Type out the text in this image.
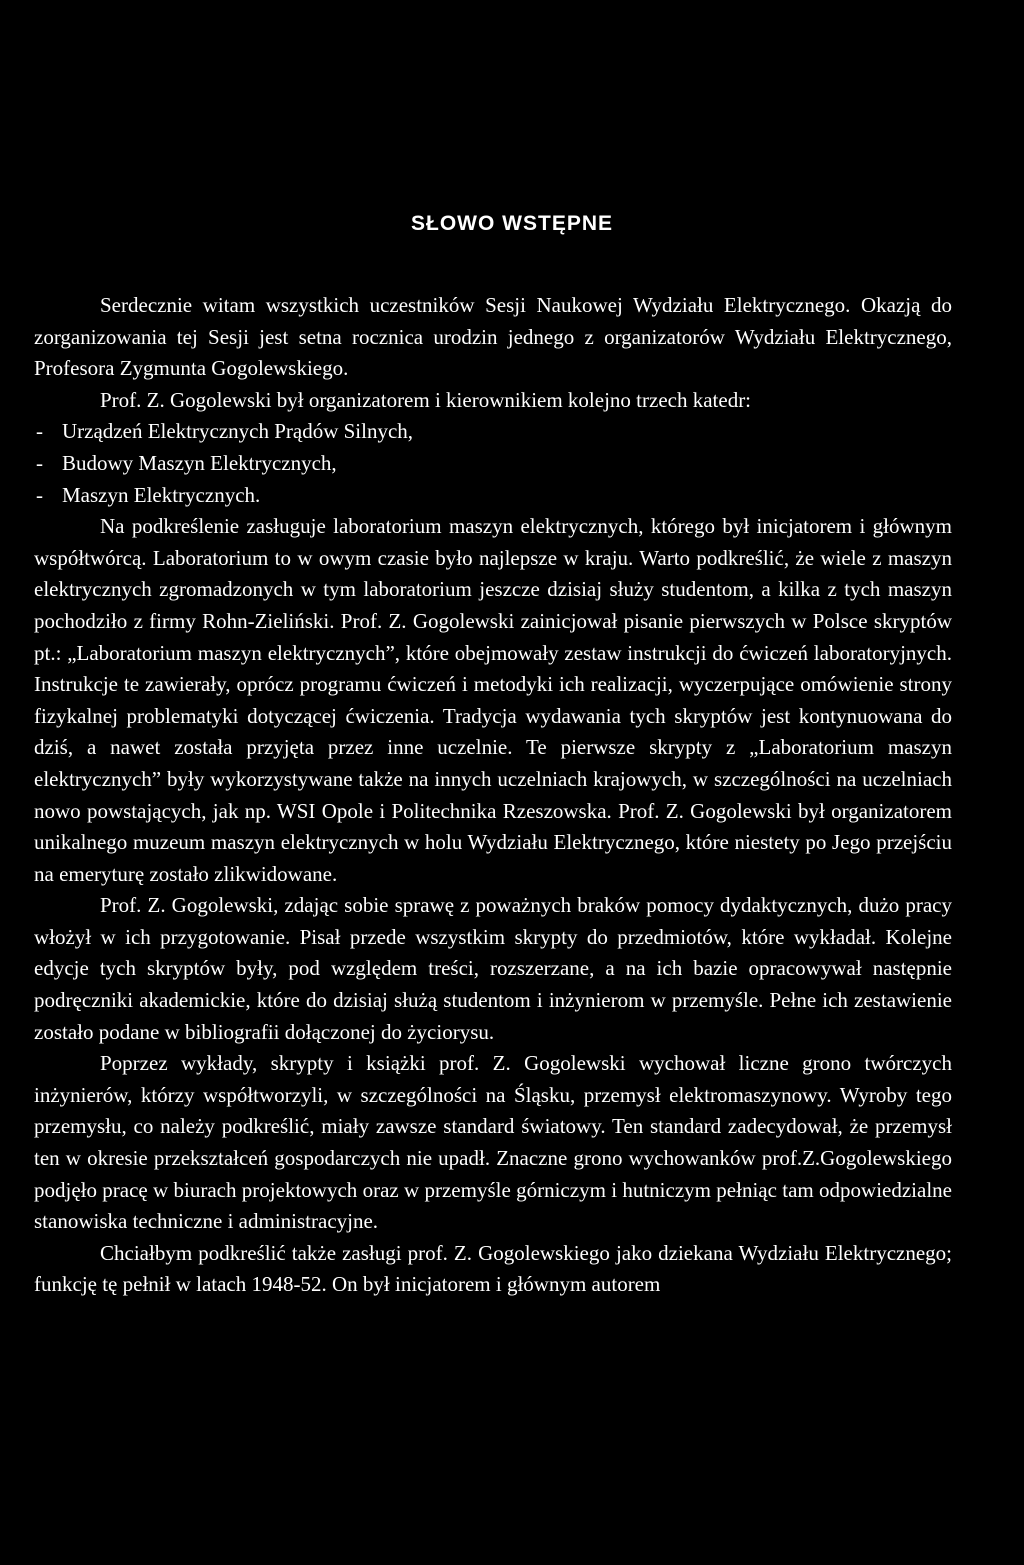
SŁOWO WSTĘPNE

Serdecznie witam wszystkich uczestników Sesji Naukowej Wydziału Elektrycznego. Okazją do zorganizowania tej Sesji jest setna rocznica urodzin jednego z organizatorów Wydziału Elektrycznego, Profesora Zygmunta Gogolewskiego.

Prof. Z. Gogolewski był organizatorem i kierownikiem kolejno trzech katedr:

- Urządzeń Elektrycznych Prądów Silnych,
- Budowy Maszyn Elektrycznych,
- Maszyn Elektrycznych.

Na podkreślenie zasługuje laboratorium maszyn elektrycznych, którego był inicjatorem i głównym współtwórcą. Laboratorium to w owym czasie było najlepsze w kraju. Warto podkreślić, że wiele z maszyn elektrycznych zgromadzonych w tym laboratorium jeszcze dzisiaj służy studentom, a kilka z tych maszyn pochodziło z firmy Rohn-Zieliński. Prof. Z. Gogolewski zainicjował pisanie pierwszych w Polsce skryptów pt.: „Laboratorium maszyn elektrycznych”, które obejmowały zestaw instrukcji do ćwiczeń laboratoryjnych. Instrukcje te zawierały, oprócz programu ćwiczeń i metodyki ich realizacji, wyczerpujące omówienie strony fizykalnej problematyki dotyczącej ćwiczenia. Tradycja wydawania tych skryptów jest kontynuowana do dziś, a nawet została przyjęta przez inne uczelnie. Te pierwsze skrypty z „Laboratorium maszyn elektrycznych” były wykorzystywane także na innych uczelniach krajowych, w szczególności na uczelniach nowo powstających, jak np. WSI Opole i Politechnika Rzeszowska. Prof. Z. Gogolewski był organizatorem unikalnego muzeum maszyn elektrycznych w holu Wydziału Elektrycznego, które niestety po Jego przejściu na emeryturę zostało zlikwidowane.

Prof. Z. Gogolewski, zdając sobie sprawę z poważnych braków pomocy dydaktycznych, dużo pracy włożył w ich przygotowanie. Pisał przede wszystkim skrypty do przedmiotów, które wykładał. Kolejne edycje tych skryptów były, pod względem treści, rozszerzane, a na ich bazie opracowywał następnie podręczniki akademickie, które do dzisiaj służą studentom i inżynierom w przemyśle. Pełne ich zestawienie zostało podane w bibliografii dołączonej do życiorysu.

Poprzez wykłady, skrypty i książki prof. Z. Gogolewski wychował liczne grono twórczych inżynierów, którzy współtworzyli, w szczególności na Śląsku, przemysł elektromaszynowy. Wyroby tego przemysłu, co należy podkreślić, miały zawsze standard światowy. Ten standard zadecydował, że przemysł ten w okresie przekształceń gospodarczych nie upadł. Znaczne grono wychowanków prof.Z.Gogolewskiego podjęło pracę w biurach projektowych oraz w przemyśle górniczym i hutniczym pełniąc tam odpowiedzialne stanowiska techniczne i administracyjne.

Chciałbym podkreślić także zasługi prof. Z. Gogolewskiego jako dziekana Wydziału Elektrycznego; funkcję tę pełnił w latach 1948-52. On był inicjatorem i głównym autorem
